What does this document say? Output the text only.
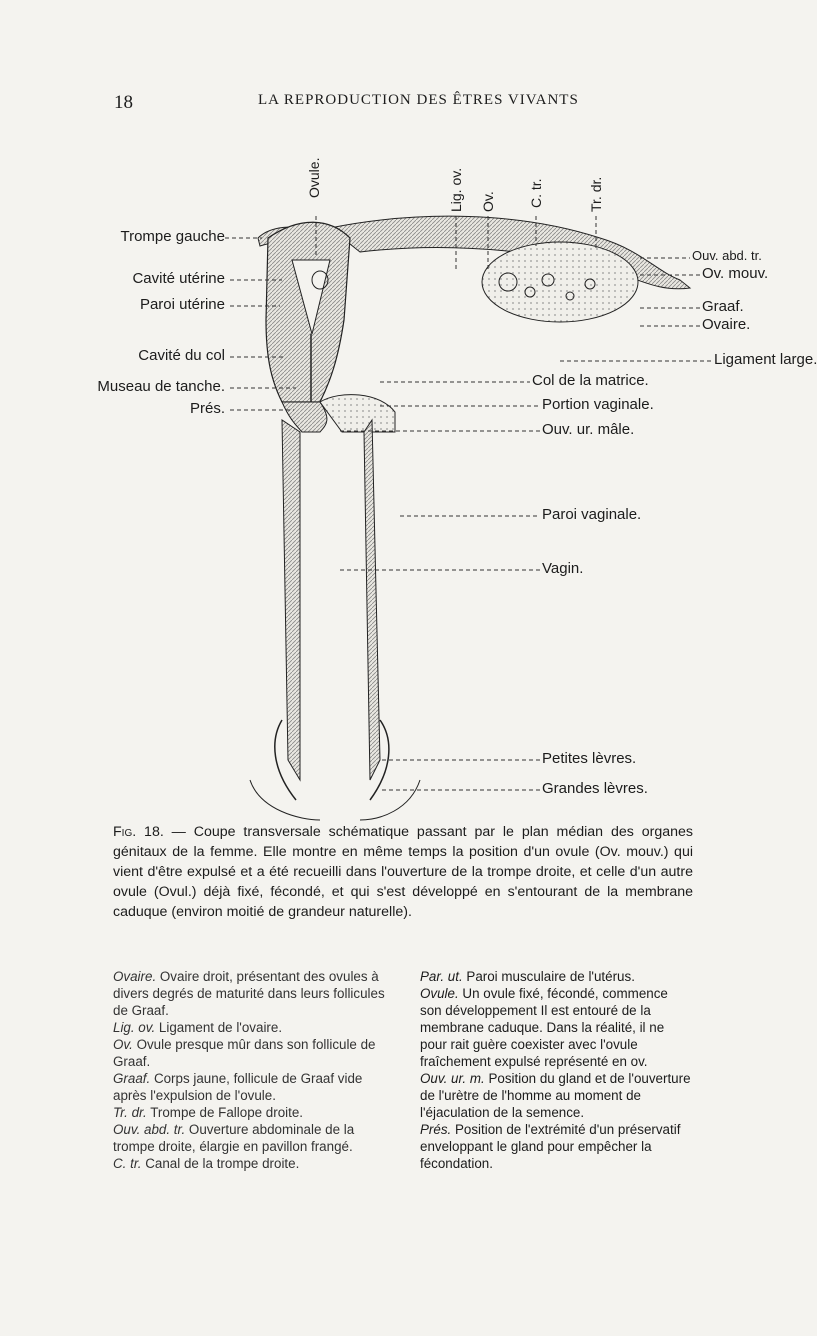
18	LA REPRODUCTION DES ÊTRES VIVANTS
Ovule.	Lig. ov. Ov. C. tr.	Tr. dr.
Trompe gauche
Cavité utérine
Paroi utérine
Cavité du col
Museau de tanche.
Prés.
Ouv. abd. tr.
Ov. mouv.
Graaf.
Ovaire.
Ligament large.
Col de la matrice.
Portion vaginale.
Ouv. ur. mâle.
Paroi vaginale.
Vagin.
Petites lèvres.
Grandes lèvres.
Fig. 18. — Coupe transversale schématique passant par le plan médian des organes génitaux de la femme. Elle montre en même temps la position d'un ovule (Ov. mouv.) qui vient d'être expulsé et a été recueilli dans l'ouverture de la trompe droite, et celle d'un autre ovule (Ovul.) déjà fixé, fécondé, et qui s'est développé en s'entourant de la membrane caduque (environ moitié de grandeur naturelle).

Ovaire. Ovaire droit, présentant des ovules à divers degrés de maturité dans leurs follicules de Graaf.

Lig. ov. Ligament de l'ovaire.

Ov. Ovule presque mûr dans son follicule de Graaf.

Graaf. Corps jaune, follicule de Graaf vide après l'expulsion de l'ovule.

Tr. dr. Trompe de Fallope droite.

Ouv. abd. tr. Ouverture abdominale de la trompe droite, élargie en pavillon frangé.

C. tr. Canal de la trompe droite.

Par. ut. Paroi musculaire de l'utérus.

Ovule. Un ovule fixé, fécondé, commence son développement Il est entouré de la membrane caduque. Dans la réalité, il ne pour rait guère coexister avec l'ovule fraîchement expulsé représenté en ov.

Ouv. ur. m. Position du gland et de l'ouverture de l'urètre de l'homme au moment de l'éjaculation de la semence.

Prés. Position de l'extrémité d'un préservatif enveloppant le gland pour empêcher la fécondation.
